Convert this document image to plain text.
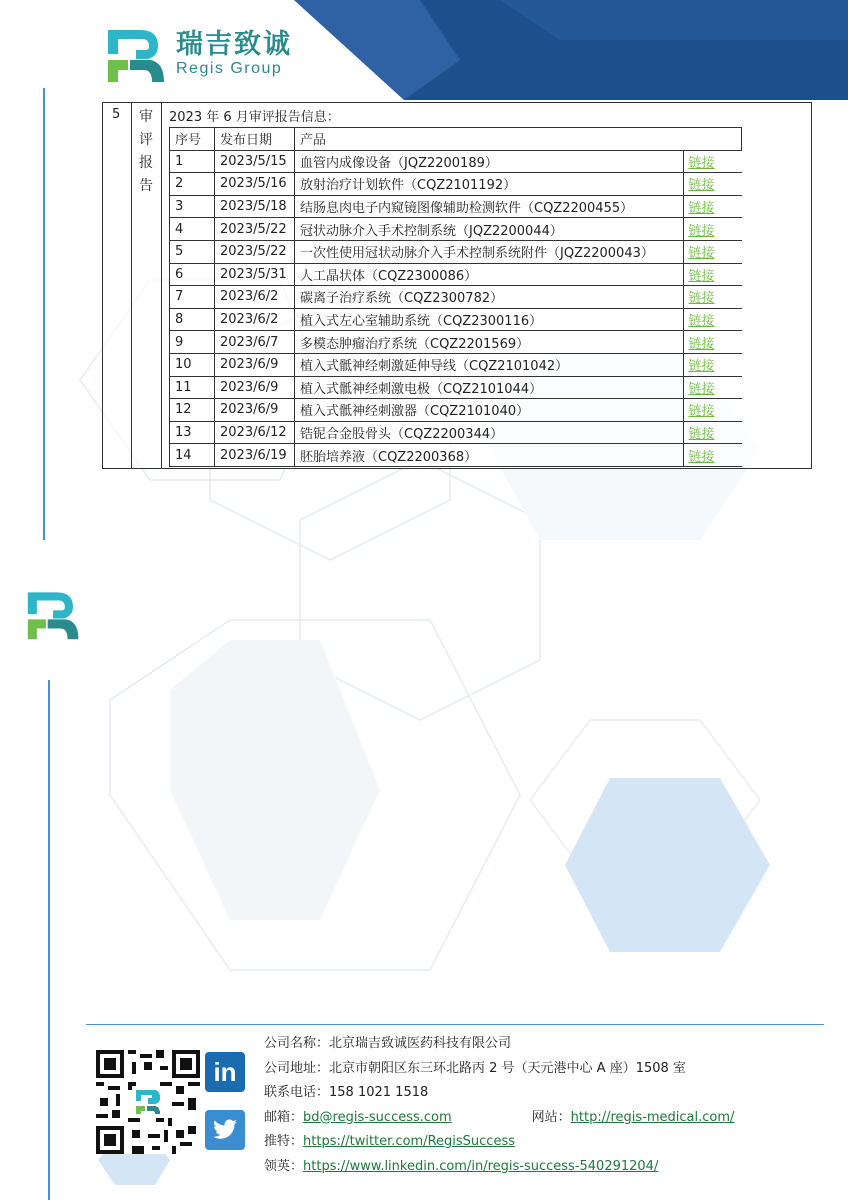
瑞吉致诚
Regis Group
5 审评报告
2023 年 6 月审评报告信息：
序号	发布日期	产品	
1	2023/5/15	血管内成像设备（JQZ2200189）	链接
2	2023/5/16	放射治疗计划软件（CQZ2101192）	链接
3	2023/5/18	结肠息肉电子内窥镜图像辅助检测软件（CQZ2200455）	链接
4	2023/5/22	冠状动脉介入手术控制系统（JQZ2200044）	链接
5	2023/5/22	一次性使用冠状动脉介入手术控制系统附件（JQZ2200043）	链接
6	2023/5/31	人工晶状体（CQZ2300086）	链接
7	2023/6/2	碳离子治疗系统（CQZ2300782）	链接
8	2023/6/2	植入式左心室辅助系统（CQZ2300116）	链接
9	2023/6/7	多模态肿瘤治疗系统（CQZ2201569）	链接
10	2023/6/9	植入式骶神经刺激延伸导线（CQZ2101042）	链接
11	2023/6/9	植入式骶神经刺激电极（CQZ2101044）	链接
12	2023/6/9	植入式骶神经刺激器（CQZ2101040）	链接
13	2023/6/12	锆铌合金股骨头（CQZ2200344）	链接
14	2023/6/19	胚胎培养液（CQZ2200368）	链接
in
公司名称：北京瑞吉致诚医药科技有限公司
公司地址：北京市朝阳区东三环北路丙 2 号（天元港中心 A 座）1508 室
联系电话：158 1021 1518
邮箱：bd@regis-success.com	网站：http://regis-medical.com/
推特：https://twitter.com/RegisSuccess
领英：https://www.linkedin.com/in/regis-success-540291204/
